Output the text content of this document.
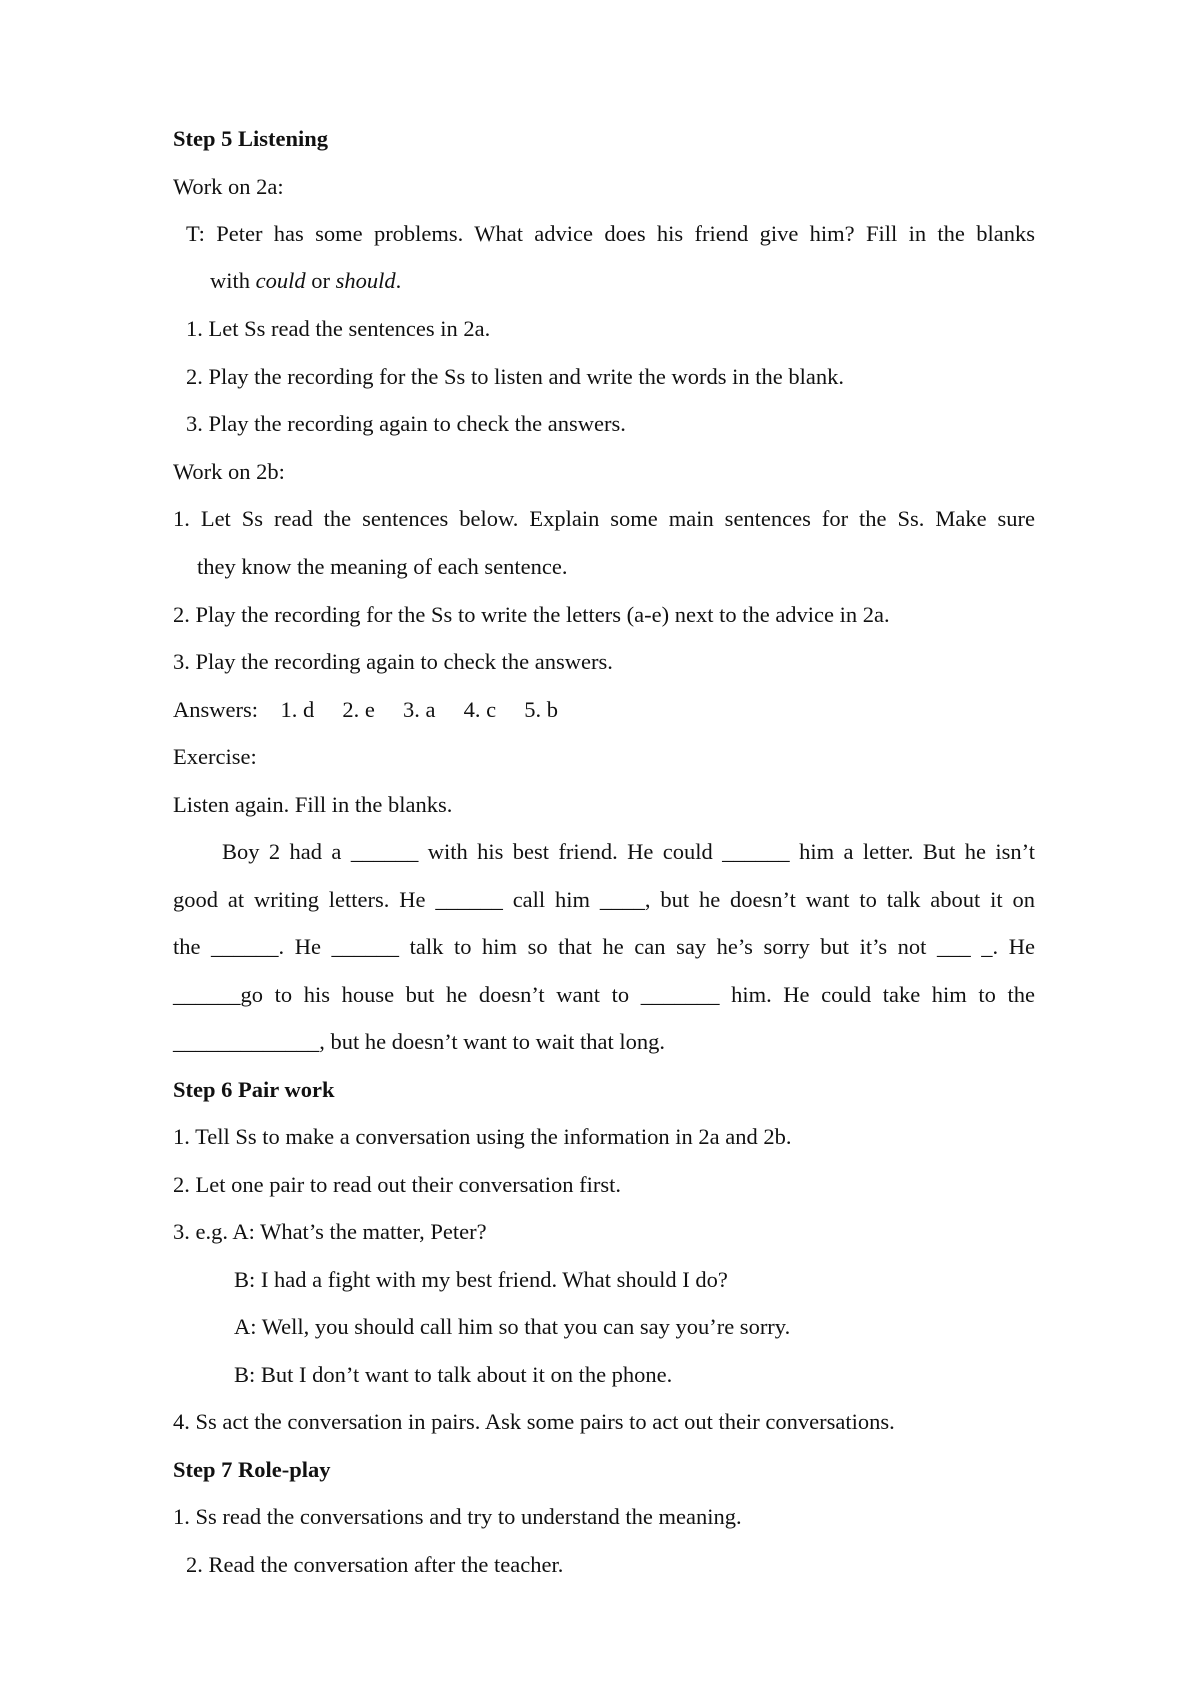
Step 5 Listening

Work on 2a:

T: Peter has some problems. What advice does his friend give him? Fill in the blanks

with could or should.

1. Let Ss read the sentences in 2a.

2. Play the recording for the Ss to listen and write the words in the blank.

3. Play the recording again to check the answers.

Work on 2b:

1. Let Ss read the sentences below. Explain some main sentences for the Ss. Make sure

they know the meaning of each sentence.

2. Play the recording for the Ss to write the letters (a-e) next to the advice in 2a.

3. Play the recording again to check the answers.

Answers:    1. d     2. e     3. a     4. c     5. b

Exercise:

Listen again. Fill in the blanks.

Boy 2 had a ______ with his best friend. He could ______ him a letter. But he isn’t

good at writing letters. He ______ call him ____, but he doesn’t want to talk about it on

the ______. He ______ talk to him so that he can say he’s sorry but it’s not ___ _. He

______go to his house but he doesn’t want to _______ him. He could take him to the

_____________, but he doesn’t want to wait that long.

Step 6 Pair work

1. Tell Ss to make a conversation using the information in 2a and 2b.

2. Let one pair to read out their conversation first.

3. e.g. A: What’s the matter, Peter?

B: I had a fight with my best friend. What should I do?

A: Well, you should call him so that you can say you’re sorry.

B: But I don’t want to talk about it on the phone.

4. Ss act the conversation in pairs. Ask some pairs to act out their conversations.

Step 7 Role-play

1. Ss read the conversations and try to understand the meaning.

2. Read the conversation after the teacher.
